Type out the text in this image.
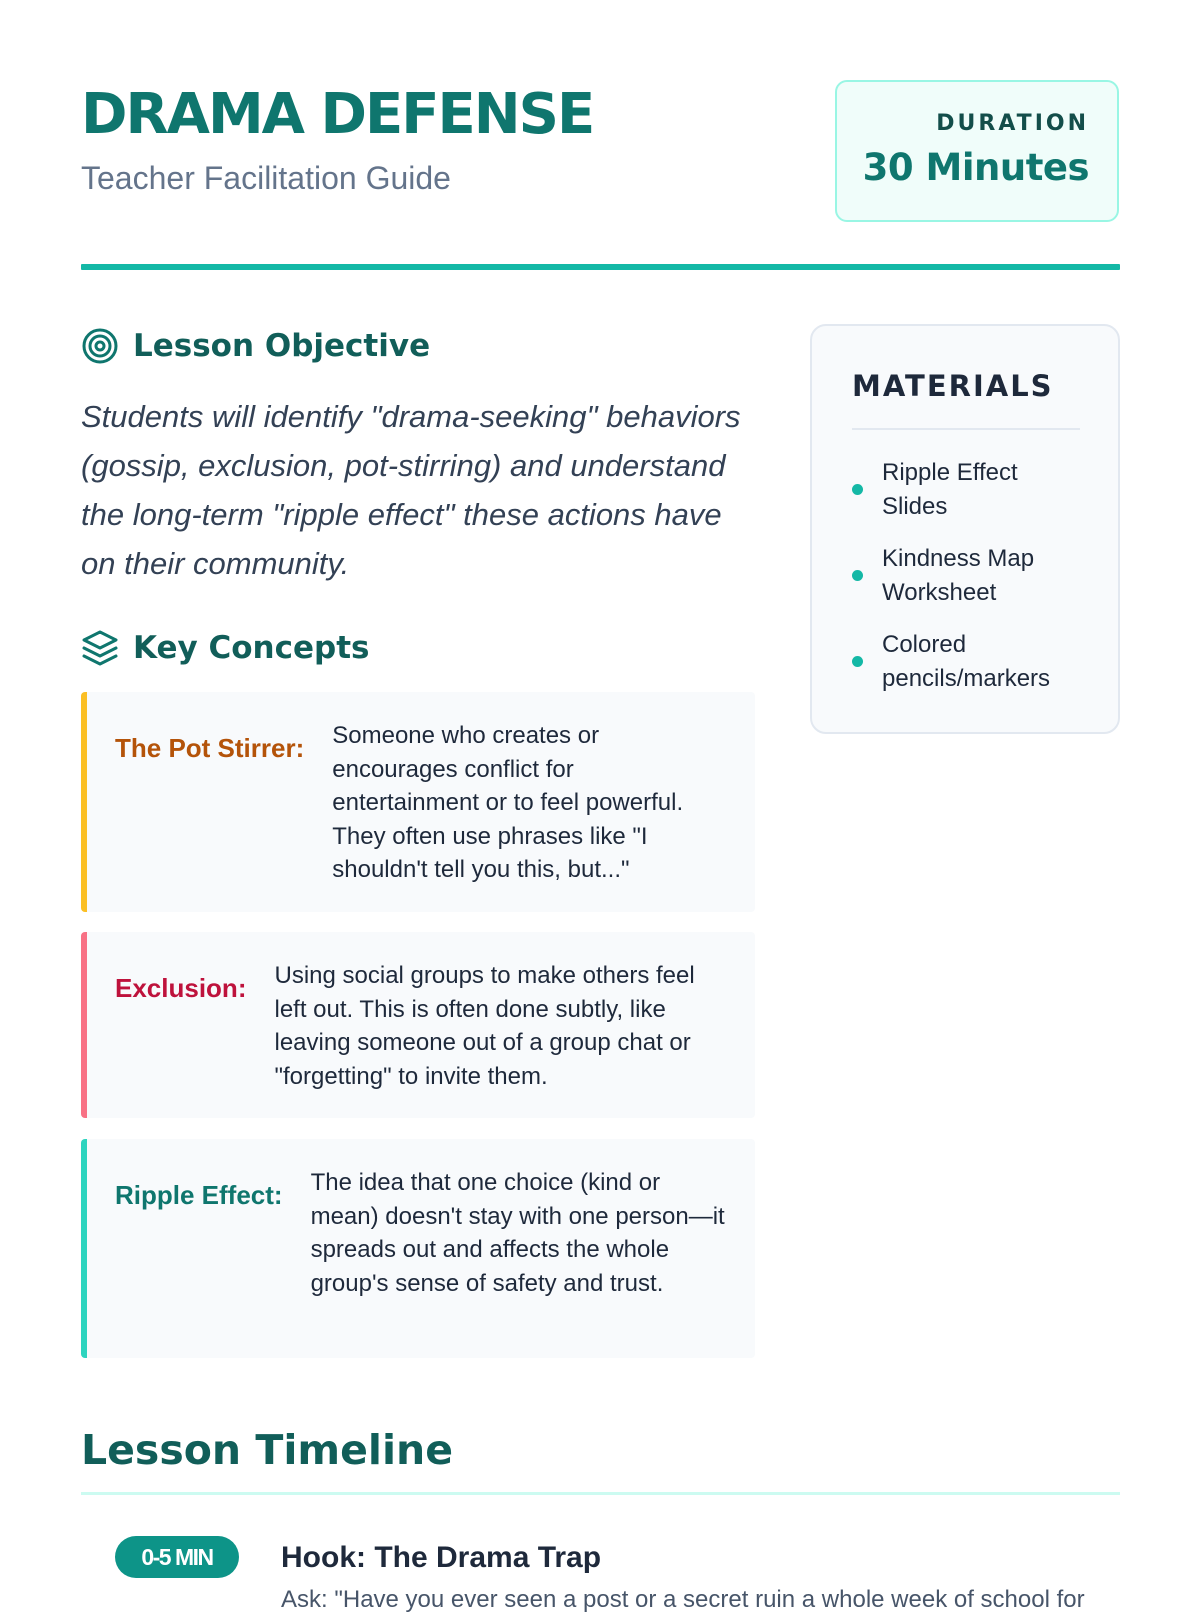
DRAMA DEFENSE
Teacher Facilitation Guide
DURATION
30 Minutes
Lesson Objective

Students will identify "drama-seeking" behaviors (gossip, exclusion, pot-stirring) and understand the long-term "ripple effect" these actions have on their community.

Key Concepts
The Pot Stirrer: Someone who creates or encourages conflict for entertainment or to feel powerful. They often use phrases like "I shouldn't tell you this, but..."
Exclusion: Using social groups to make others feel left out. This is often done subtly, like leaving someone out of a group chat or "forgetting" to invite them.
Ripple Effect: The idea that one choice (kind or mean) doesn't stay with one person—it spreads out and affects the whole group's sense of safety and trust.
MATERIALS
Ripple Effect Slides
Kindness Map Worksheet
Colored pencils/markers
Lesson Timeline
0-5 MIN	Hook: The Drama Trap

Ask: "Have you ever seen a post or a secret ruin a whole week of school for
